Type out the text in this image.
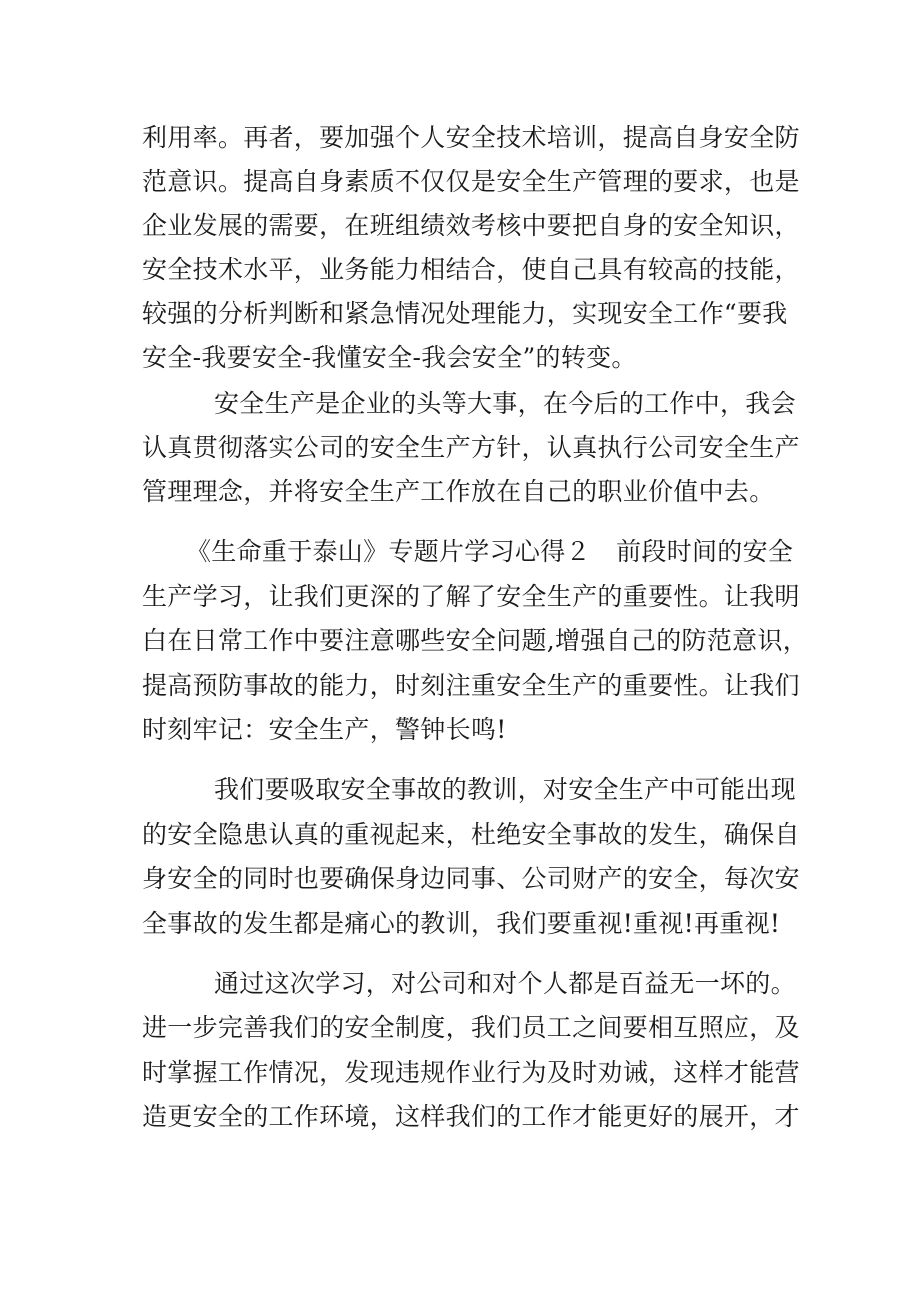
利用率。再者，要加强个人安全技术培训，提高自身安全防
范意识。提高自身素质不仅仅是安全生产管理的要求，也是
企业发展的需要，在班组绩效考核中要把自身的安全知识，
安全技术水平，业务能力相结合，使自己具有较高的技能，
较强的分析判断和紧急情况处理能力，实现安全工作“要我
安全-我要安全-我懂安全-我会安全”的转变。
安全生产是企业的头等大事，在今后的工作中，我会
认真贯彻落实公司的安全生产方针，认真执行公司安全生产
管理理念，并将安全生产工作放在自己的职业价值中去。
《生命重于泰山》专题片学习心得２　前段时间的安全
生产学习，让我们更深的了解了安全生产的重要性。让我明
白在日常工作中要注意哪些安全问题,增强自己的防范意识，
提高预防事故的能力，时刻注重安全生产的重要性。让我们
时刻牢记：安全生产，警钟长鸣!
我们要吸取安全事故的教训，对安全生产中可能出现
的安全隐患认真的重视起来，杜绝安全事故的发生，确保自
身安全的同时也要确保身边同事、公司财产的安全，每次安
全事故的发生都是痛心的教训，我们要重视!重视!再重视!
通过这次学习，对公司和对个人都是百益无一坏的。
进一步完善我们的安全制度，我们员工之间要相互照应，及
时掌握工作情况，发现违规作业行为及时劝诫，这样才能营
造更安全的工作环境，这样我们的工作才能更好的展开，才
